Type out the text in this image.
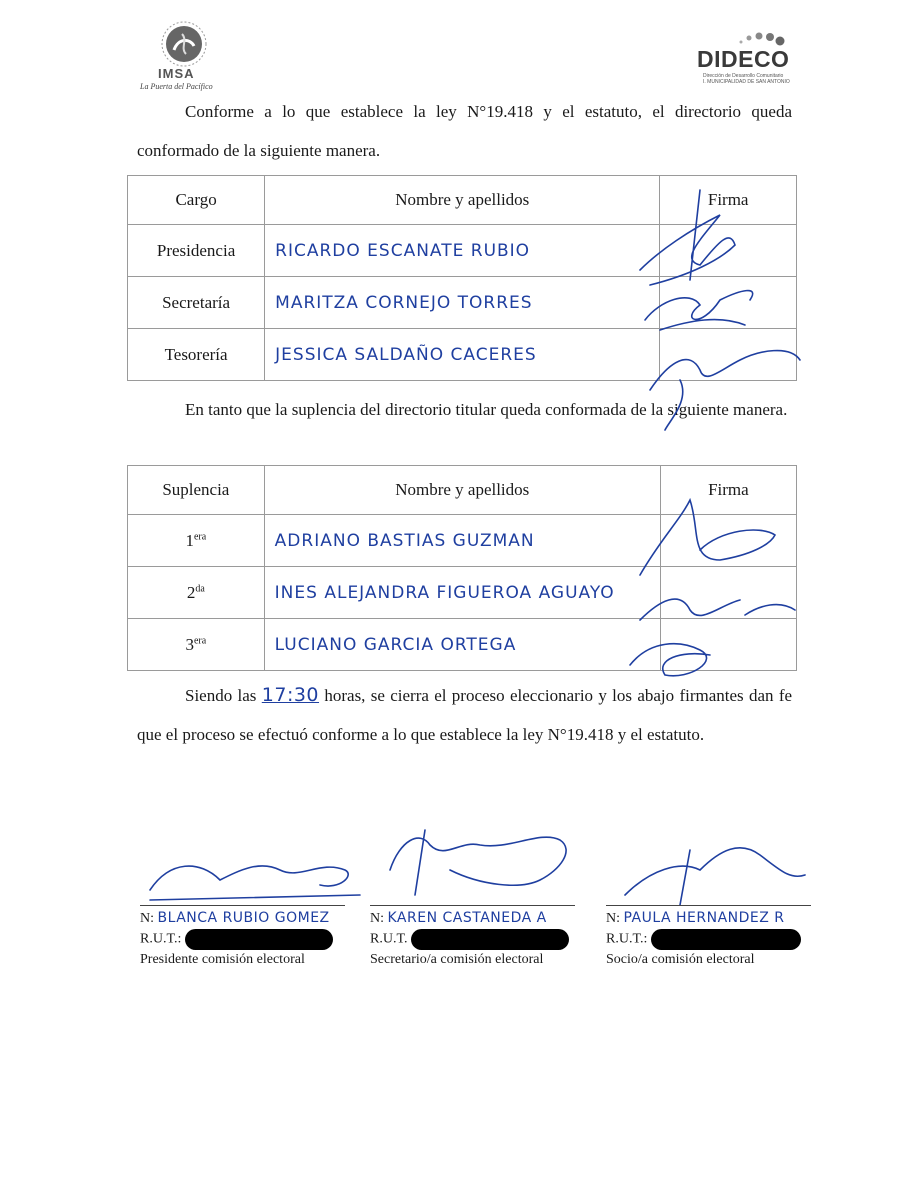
IMSA
La Puerta del Pacífico
DIDECO
Dirección de Desarrollo Comunitario
I. MUNICIPALIDAD DE SAN ANTONIO

Conforme a lo que establece la ley N°19.418 y el estatuto, el directorio queda conformado de la siguiente manera.

Cargo	Nombre y apellidos	Firma
Presidencia	RICARDO ESCANATE RUBIO	
Secretaría	MARITZA CORNEJO TORRES	
Tesorería	JESSICA SALDAÑO CACERES	

En tanto que la suplencia del directorio titular queda conformada de la siguiente manera.

Suplencia	Nombre y apellidos	Firma
$1^{era}$	ADRIANO BASTIAS GUZMAN	
$2^{da}$	INES ALEJANDRA FIGUEROA AGUAYO	
$3^{era}$	LUCIANO GARCIA ORTEGA	

Siendo las 17:30 horas, se cierra el proceso eleccionario y los abajo firmantes dan fe que el proceso se efectuó conforme a lo que establece la ley N°19.418 y el estatuto.

N: BLANCA RUBIO GOMEZ
R.U.T.:
Presidente comisión electoral
N: KAREN CASTANEDA A
R.U.T.
Secretario/a comisión electoral
N: PAULA HERNANDEZ R
R.U.T.:
Socio/a comisión electoral
